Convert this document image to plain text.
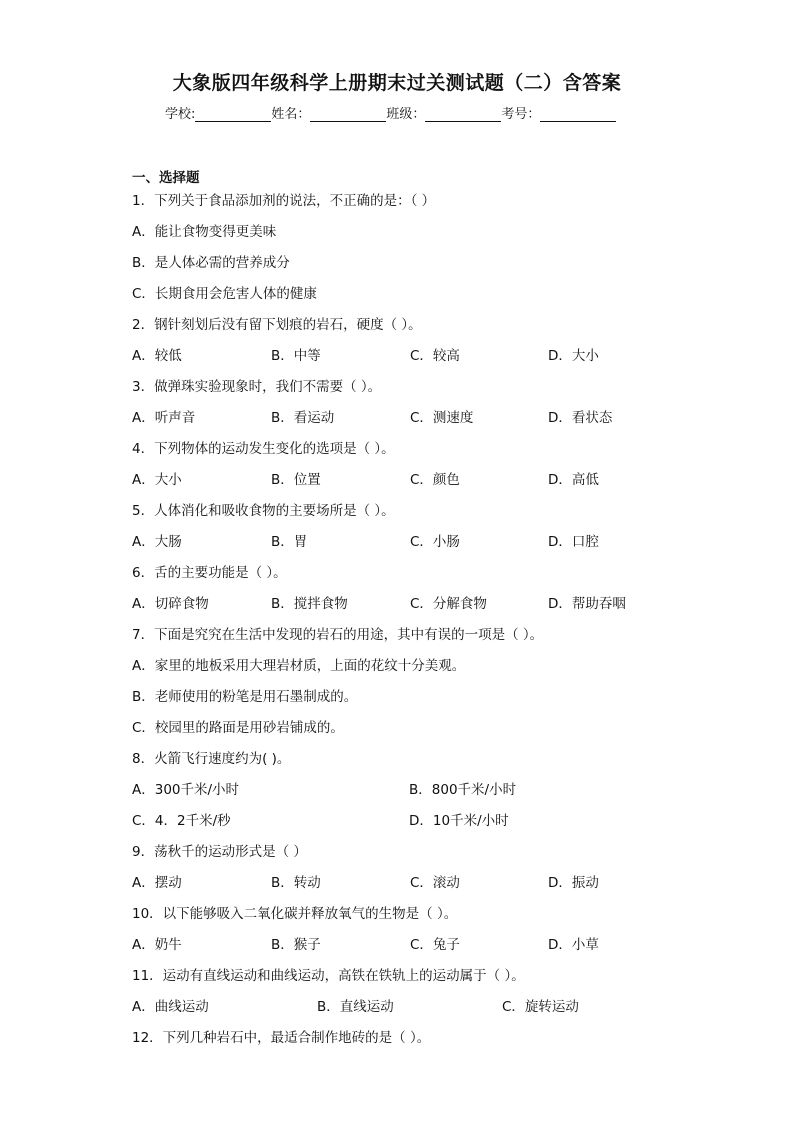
大象版四年级科学上册期末过关测试题（二）含答案
学校:	姓名：	班级：	考号：
一、选择题
1．下列关于食品添加剂的说法，不正确的是：（ ）
A．能让食物变得更美味
B．是人体必需的营养成分
C．长期食用会危害人体的健康
2．钢针刻划后没有留下划痕的岩石，硬度（ ）。
A．较低	B．中等	C．较高	D．大小
3．做弹珠实验现象时，我们不需要（ ）。
A．听声音	B．看运动	C．测速度	D．看状态
4．下列物体的运动发生变化的选项是（ ）。
A．大小	B．位置	C．颜色	D．高低
5．人体消化和吸收食物的主要场所是（ ）。
A．大肠	B．胃	C．小肠	D．口腔
6．舌的主要功能是（ ）。
A．切碎食物	B．搅拌食物	C．分解食物	D．帮助吞咽
7．下面是究究在生活中发现的岩石的用途，其中有误的一项是（ ）。
A．家里的地板采用大理岩材质，上面的花纹十分美观。
B．老师使用的粉笔是用石墨制成的。
C．校园里的路面是用砂岩铺成的。
8．火箭飞行速度约为( )。
A．300千米/小时	B．800千米/小时
C．4．2千米/秒	D．10千米/小时
9．荡秋千的运动形式是（ ）
A．摆动	B．转动	C．滚动	D．振动
10．以下能够吸入二氧化碳并释放氧气的生物是（ ）。
A．奶牛	B．猴子	C．兔子	D．小草
11．运动有直线运动和曲线运动，高铁在铁轨上的运动属于（ ）。
A．曲线运动	B．直线运动	C．旋转运动
12．下列几种岩石中，最适合制作地砖的是（ ）。
